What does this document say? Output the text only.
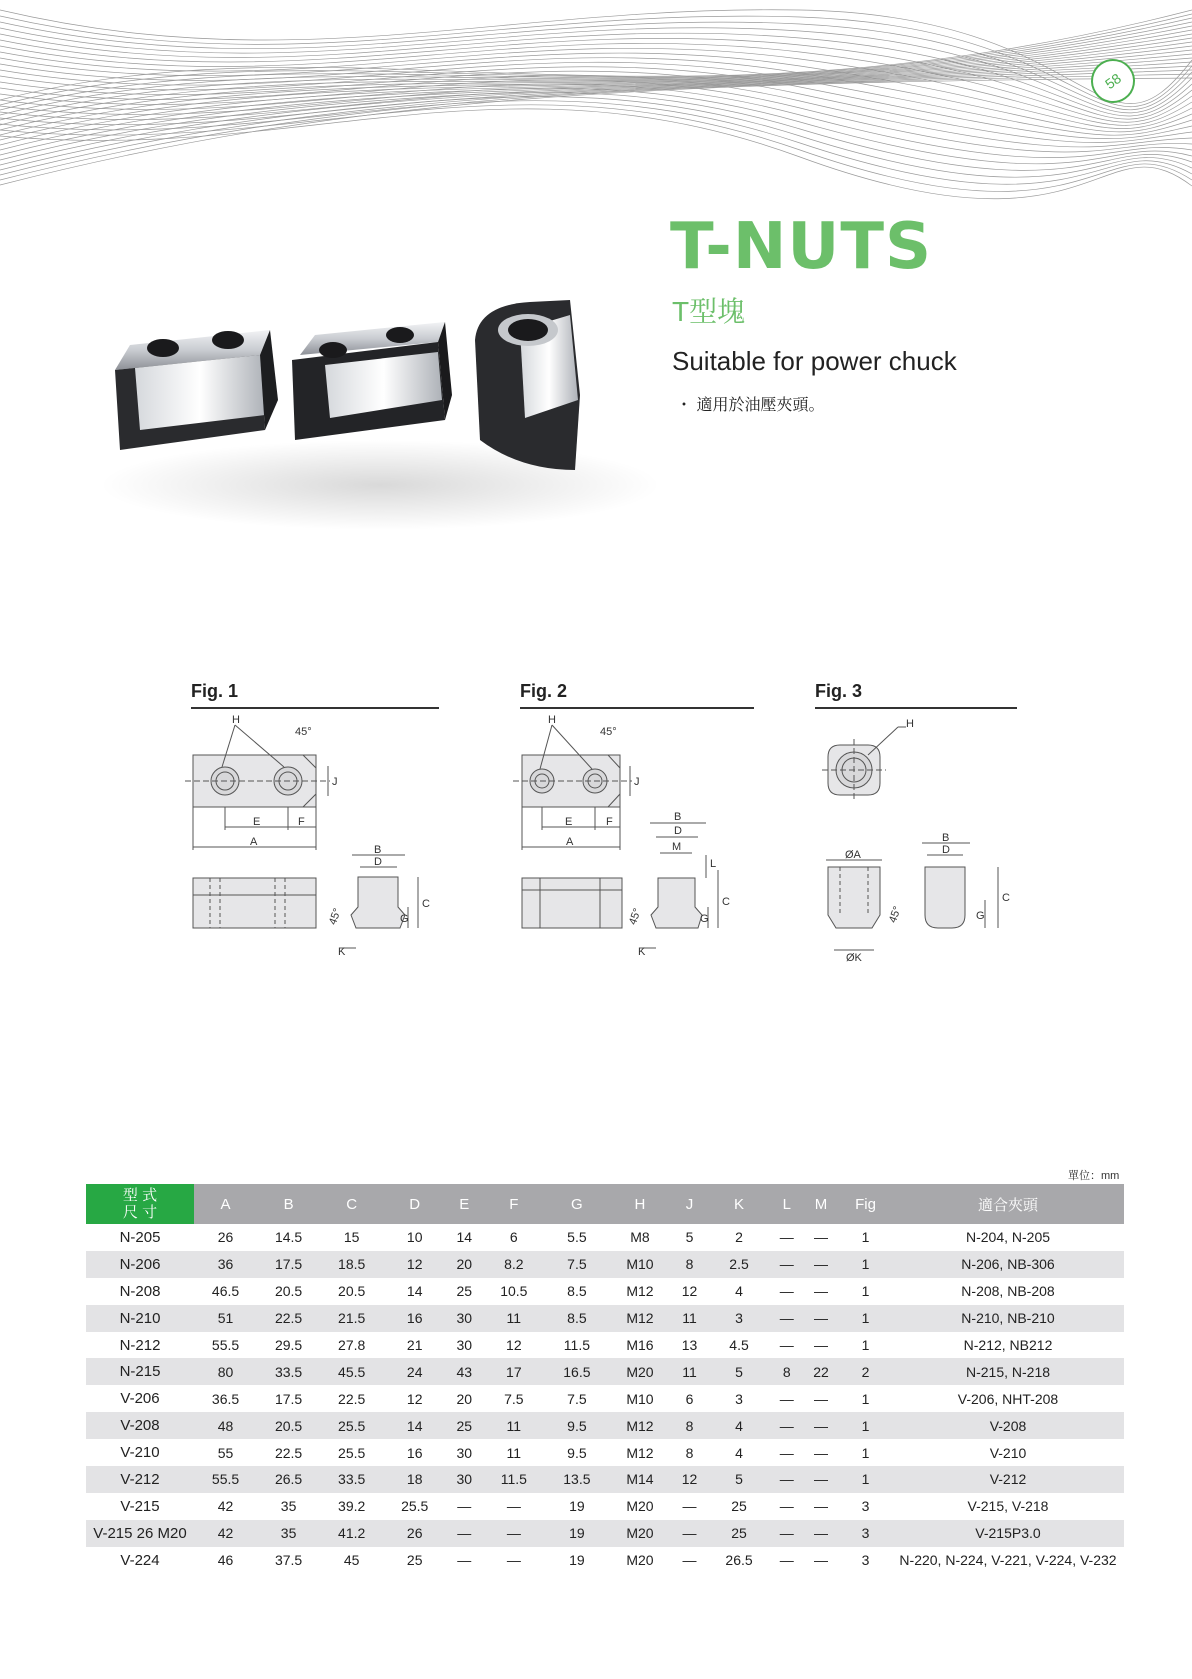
58
T-NUTS
T型塊
Suitable for power chuck
・ 適用於油壓夾頭。
Fig. 1	Fig. 2	Fig. 3
H
45°
J
E	F
A
B
D
C
G
45°
K
H
45°
J
E	F
A
B
D
M
L
C
G
45°
K
H
ØA
ØK
45°
B
D
C
G
單位：mm
型 式
尺 寸	A	B	C	D	E	F	G	H	J	K	L	M	Fig	適合夾頭
N-205	26	14.5	15	10	14	6	5.5	M8	5	2	—	—	1	N-204, N-205
N-206	36	17.5	18.5	12	20	8.2	7.5	M10	8	2.5	—	—	1	N-206, NB-306
N-208	46.5	20.5	20.5	14	25	10.5	8.5	M12	12	4	—	—	1	N-208, NB-208
N-210	51	22.5	21.5	16	30	11	8.5	M12	11	3	—	—	1	N-210, NB-210
N-212	55.5	29.5	27.8	21	30	12	11.5	M16	13	4.5	—	—	1	N-212, NB212
N-215	80	33.5	45.5	24	43	17	16.5	M20	11	5	8	22	2	N-215, N-218
V-206	36.5	17.5	22.5	12	20	7.5	7.5	M10	6	3	—	—	1	V-206, NHT-208
V-208	48	20.5	25.5	14	25	11	9.5	M12	8	4	—	—	1	V-208
V-210	55	22.5	25.5	16	30	11	9.5	M12	8	4	—	—	1	V-210
V-212	55.5	26.5	33.5	18	30	11.5	13.5	M14	12	5	—	—	1	V-212
V-215	42	35	39.2	25.5	—	—	19	M20	—	25	—	—	3	V-215, V-218
V-215 26 M20	42	35	41.2	26	—	—	19	M20	—	25	—	—	3	V-215P3.0
V-224	46	37.5	45	25	—	—	19	M20	—	26.5	—	—	3	N-220, N-224, V-221, V-224, V-232
